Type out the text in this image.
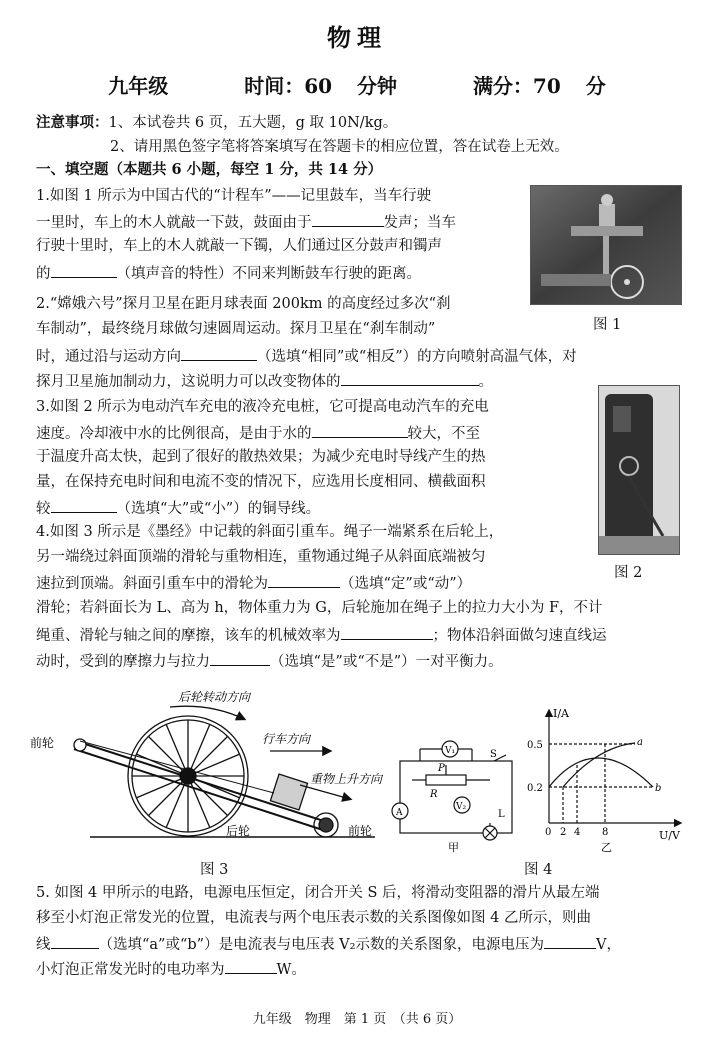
物理
九年级	时间：60 分钟	满分：70 分
注意事项：1、本试卷共 6 页，五大题，g 取 10N/kg。
2、请用黑色签字笔将答案填写在答题卡的相应位置，答在试卷上无效。
一、填空题（本题共 6 小题，每空 1 分，共 14 分）
1.如图 1 所示为中国古代的“计程车”——记里鼓车，当车行驶
一里时，车上的木人就敲一下鼓，鼓面由于	发声；当车
行驶十里时，车上的木人就敲一下镯，人们通过区分鼓声和镯声
的	（填声音的特性）不同来判断鼓车行驶的距离。
图 1
2.“嫦娥六号”探月卫星在距月球表面 200km 的高度经过多次“刹
车制动”，最终绕月球做匀速圆周运动。探月卫星在“刹车制动”
时，通过沿与运动方向	（选填“相同”或“相反”）的方向喷射高温气体，对
探月卫星施加制动力，这说明力可以改变物体的	。
图 2
3.如图 2 所示为电动汽车充电的液冷充电桩，它可提高电动汽车的充电
速度。冷却液中水的比例很高，是由于水的	较大，不至
于温度升高太快，起到了很好的散热效果；为减少充电时导线产生的热
量，在保持充电时间和电流不变的情况下，应选用长度相同、横截面积
较	（选填“大”或“小”）的铜导线。
4.如图 3 所示是《墨经》中记载的斜面引重车。绳子一端紧系在后轮上，
另一端绕过斜面顶端的滑轮与重物相连，重物通过绳子从斜面底端被匀
速拉到顶端。斜面引重车中的滑轮为	（选填“定”或“动”）
滑轮；若斜面长为 L、高为 h，物体重力为 G，后轮施加在绳子上的拉力大小为 F，不计
绳重、滑轮与轴之间的摩擦，该车的机械效率为	；物体沿斜面做匀速直线运
动时，受到的摩擦力与拉力	（选填“是”或“不是”）一对平衡力。
前轮
后轮转动方向
行车方向
重物上升方向
后轮	前轮
图 3
A
V₁
V₂
P
R
S
L
甲
I/A
U/V
0.5
0.2
0 2 4 8
a
b
乙
图 4
5. 如图 4 甲所示的电路，电源电压恒定，闭合开关 S 后，将滑动变阻器的滑片从最左端
移至小灯泡正常发光的位置，电流表与两个电压表示数的关系图像如图 4 乙所示，则曲
线	（选填“a”或“b”）是电流表与电压表 V₂示数的关系图象，电源电压为	V，
小灯泡正常发光时的电功率为	W。
九年级　物理　第 1 页　（共 6 页）
